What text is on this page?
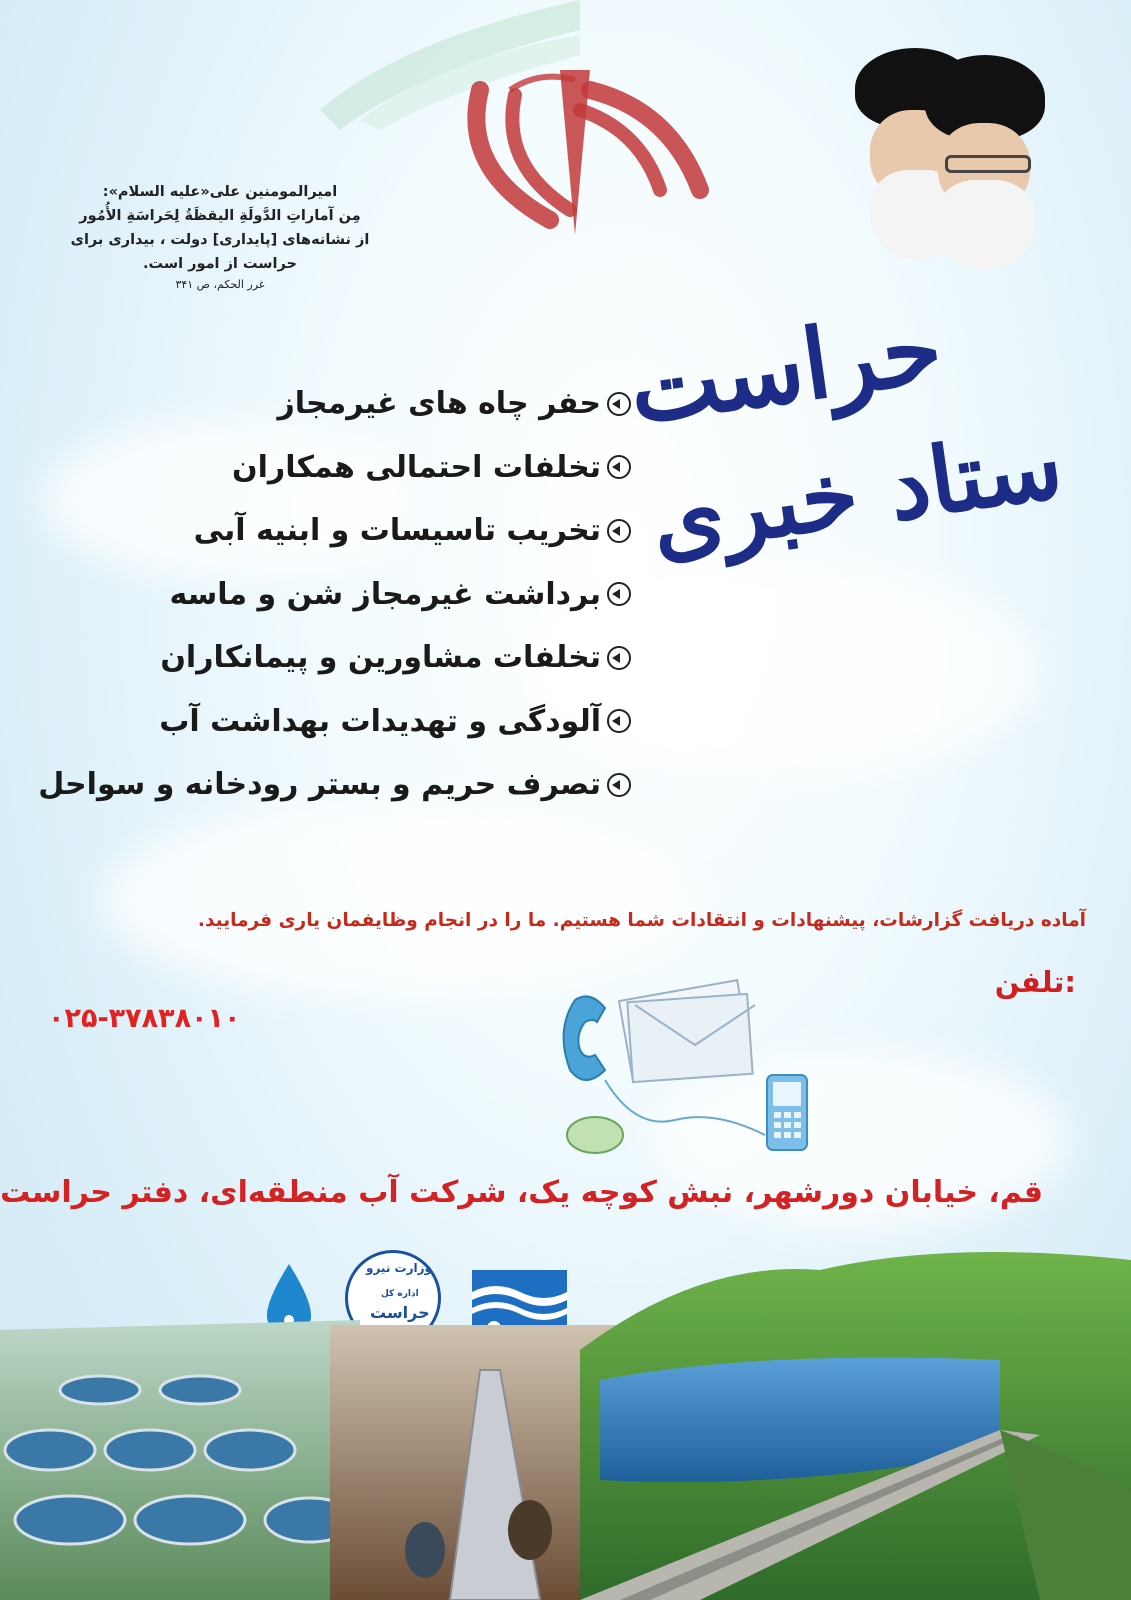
امیرالمومنین علی«علیه السلام»:
مِن آماراتِ الدَّولَةِ اليقظَةُ لِحَراسَةِ الأُمُور
از نشانه‌های [پایداری] دولت ، بیداری برای
حراست از امور است.
غرر الحکم، ص ۳۴۱
ستاد خبری
حراست
حفر چاه های غیرمجاز
تخلفات احتمالی همکاران
تخریب تاسیسات و ابنیه آبی
برداشت غیرمجاز شن و ماسه
تخلفات مشاورین و پیمانکاران
آلودگی و تهدیدات بهداشت آب
تصرف حریم و بستر رودخانه و سواحل
آماده دریافت گزارشات، پیشنهادات و انتقادات شما هستیم. ما را در انجام وظایفمان یاری فرمایید.
تلفن:
۰۲۵-۳۷۸۳۸۰۱۰
قم، خیابان دورشهر، نبش کوچه یک، شرکت آب منطقه‌ای، دفتر حراست
وزارت نیرو
اداره کل
حراست
